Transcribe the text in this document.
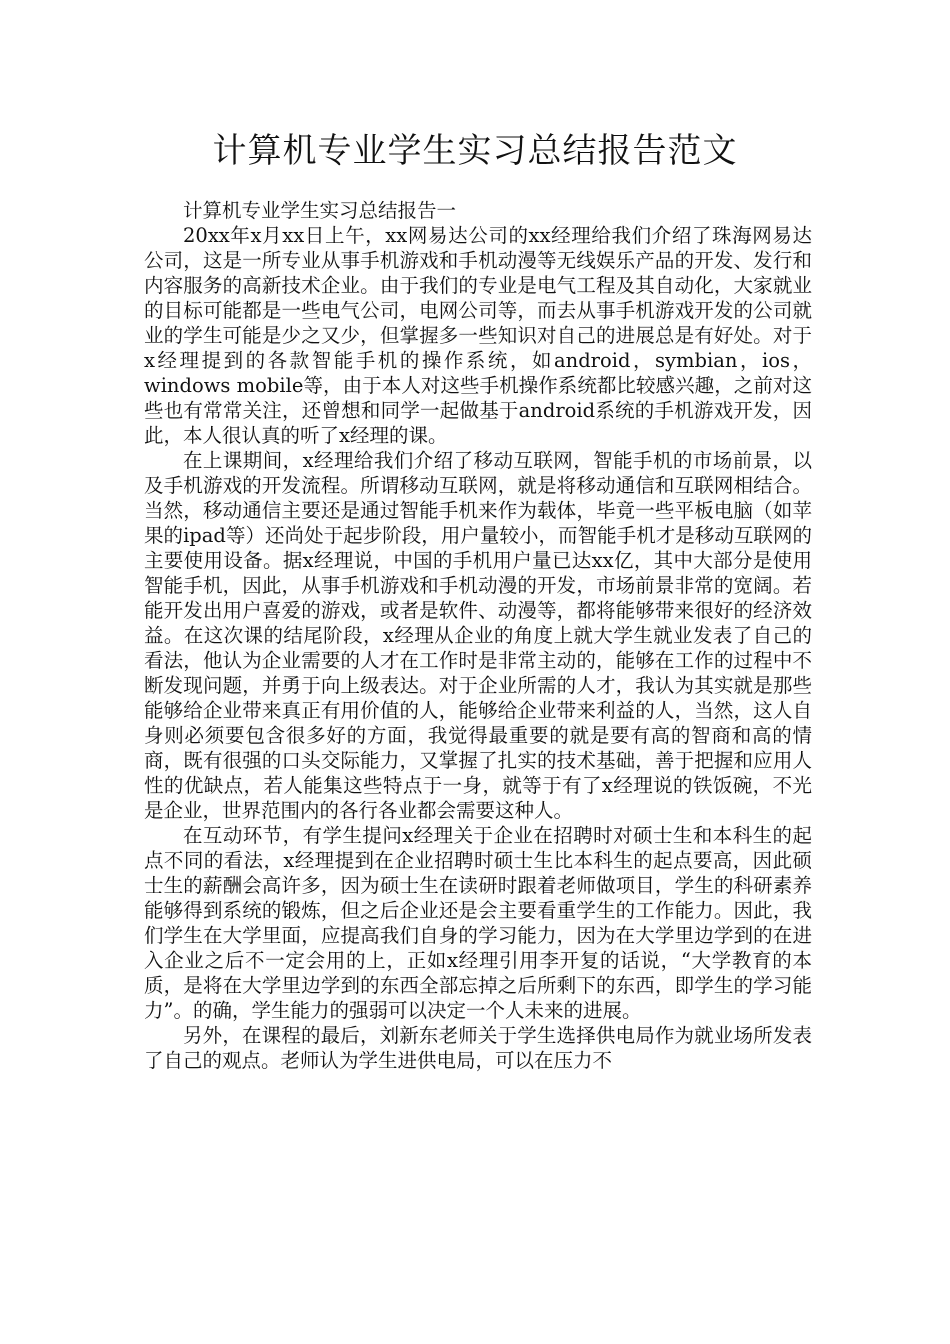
计算机专业学生实习总结报告范文

计算机专业学生实习总结报告一

20xx年x月xx日上午，xx网易达公司的xx经理给我们介绍了珠海网易达公司，这是一所专业从事手机游戏和手机动漫等无线娱乐产品的开发、发行和内容服务的高新技术企业。由于我们的专业是电气工程及其自动化，大家就业的目标可能都是一些电气公司，电网公司等，而去从事手机游戏开发的公司就业的学生可能是少之又少，但掌握多一些知识对自己的进展总是有好处。对于x经理提到的各款智能手机的操作系统，如android，symbian，ios，windows mobile等，由于本人对这些手机操作系统都比较感兴趣，之前对这些也有常常关注，还曾想和同学一起做基于android系统的手机游戏开发，因此，本人很认真的听了x经理的课。

在上课期间，x经理给我们介绍了移动互联网，智能手机的市场前景，以及手机游戏的开发流程。所谓移动互联网，就是将移动通信和互联网相结合。当然，移动通信主要还是通过智能手机来作为载体，毕竟一些平板电脑（如苹果的ipad等）还尚处于起步阶段，用户量较小，而智能手机才是移动互联网的主要使用设备。据x经理说，中国的手机用户量已达xx亿，其中大部分是使用智能手机，因此，从事手机游戏和手机动漫的开发，市场前景非常的宽阔。若能开发出用户喜爱的游戏，或者是软件、动漫等，都将能够带来很好的经济效益。在这次课的结尾阶段，x经理从企业的角度上就大学生就业发表了自己的看法，他认为企业需要的人才在工作时是非常主动的，能够在工作的过程中不断发现问题，并勇于向上级表达。对于企业所需的人才，我认为其实就是那些能够给企业带来真正有用价值的人，能够给企业带来利益的人，当然，这人自身则必须要包含很多好的方面，我觉得最重要的就是要有高的智商和高的情商，既有很强的口头交际能力，又掌握了扎实的技术基础，善于把握和应用人性的优缺点，若人能集这些特点于一身，就等于有了x经理说的铁饭碗，不光是企业，世界范围内的各行各业都会需要这种人。

在互动环节，有学生提问x经理关于企业在招聘时对硕士生和本科生的起点不同的看法，x经理提到在企业招聘时硕士生比本科生的起点要高，因此硕士生的薪酬会高许多，因为硕士生在读研时跟着老师做项目，学生的科研素养能够得到系统的锻炼，但之后企业还是会主要看重学生的工作能力。因此，我们学生在大学里面，应提高我们自身的学习能力，因为在大学里边学到的在进入企业之后不一定会用的上，正如x经理引用李开复的话说，“大学教育的本质，是将在大学里边学到的东西全部忘掉之后所剩下的东西，即学生的学习能力”。的确，学生能力的强弱可以决定一个人未来的进展。

另外，在课程的最后，刘新东老师关于学生选择供电局作为就业场所发表了自己的观点。老师认为学生进供电局，可以在压力不
